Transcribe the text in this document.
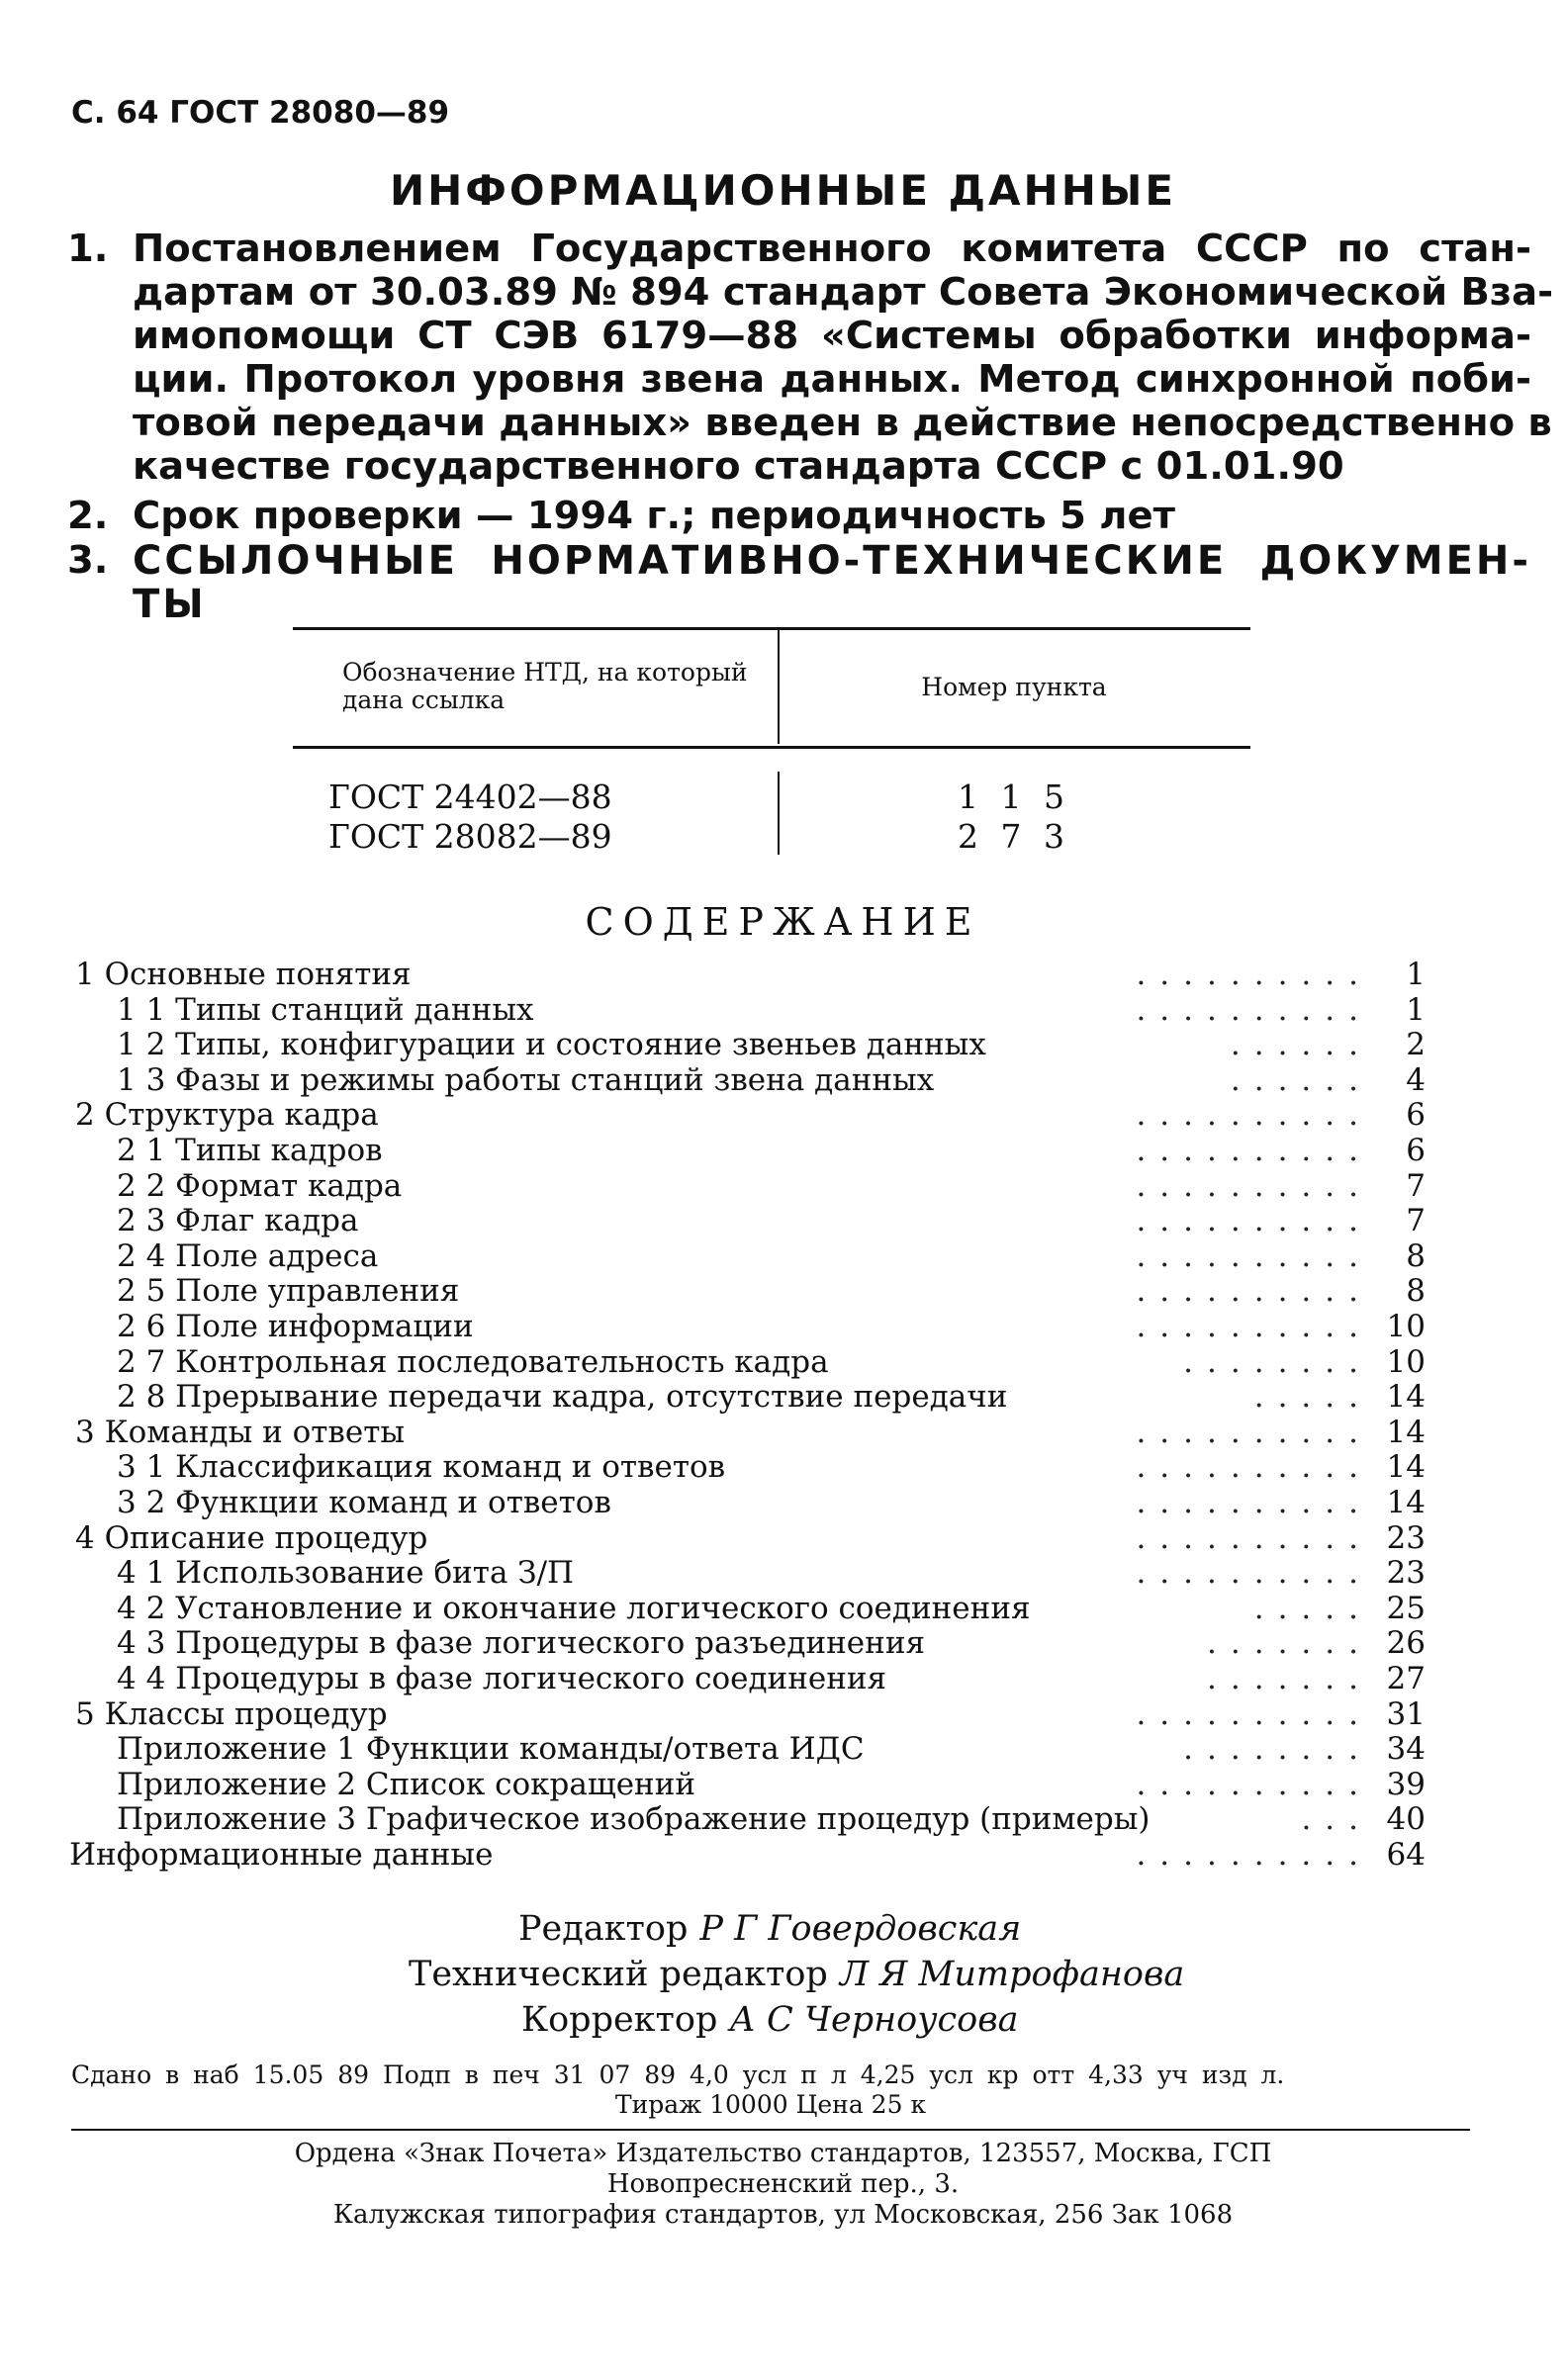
С. 64 ГОСТ 28080—89
ИНФОРМАЦИОННЫЕ ДАННЫЕ
1. Постановлением Государственного комитета СССР по стан-
дартам от 30.03.89 № 894 стандарт Совета Экономической Вза-
имопомощи СТ СЭВ 6179—88 «Системы обработки информа-
ции. Протокол уровня звена данных. Метод синхронной поби-
товой передачи данных» введен в действие непосредственно в
качестве государственного стандарта СССР с 01.01.90
2. Срок проверки — 1994 г.; периодичность 5 лет
3. ССЫЛОЧНЫЕ НОРМАТИВНО-ТЕХНИЧЕСКИЕ ДОКУМЕН-
ТЫ
Обозначение НТД, на который дана ссылка	Номер пункта
ГОСТ 24402—88	1 1 5
ГОСТ 28082—89	2 7 3
СОДЕРЖАНИЕ
1 Основные понятия	1
..........
1 1 Типы станций данных	1
..........
1 2 Типы, конфигурации и состояние звеньев данных	2
......
1 3 Фазы и режимы работы станций звена данных	4
......
2 Структура кадра	6
..........
2 1 Типы кадров	6
..........
2 2 Формат кадра	7
..........
2 3 Флаг кадра	7
..........
2 4 Поле адреса	8
..........
2 5 Поле управления	8
..........
2 6 Поле информации	10
..........
2 7 Контрольная последовательность кадра	10
........
2 8 Прерывание передачи кадра, отсутствие передачи	14
.....
3 Команды и ответы	14
..........
3 1 Классификация команд и ответов	14
..........
3 2 Функции команд и ответов	14
..........
4 Описание процедур	23
..........
4 1 Использование бита З/П	23
..........
4 2 Установление и окончание логического соединения	25
.....
4 3 Процедуры в фазе логического разъединения	26
.......
4 4 Процедуры в фазе логического соединения	27
.......
5 Классы процедур	31
..........
Приложение 1 Функции команды/ответа ИДС	34
........
Приложение 2 Список сокращений	39
..........
Приложение 3 Графическое изображение процедур (примеры)	40
...
Информационные данные	64
..........
Редактор Р Г Говердовская
Технический редактор Л Я Митрофанова
Корректор А С Черноусова
Сдано в наб 15.05 89 Подп в печ 31 07 89 4,0 усл п л 4,25 усл кр отт 4,33 уч изд л.
Тираж 10000 Цена 25 к
Ордена «Знак Почета» Издательство стандартов, 123557, Москва, ГСП
Новопресненский пер., 3.
Калужская типография стандартов, ул Московская, 256 Зак 1068
